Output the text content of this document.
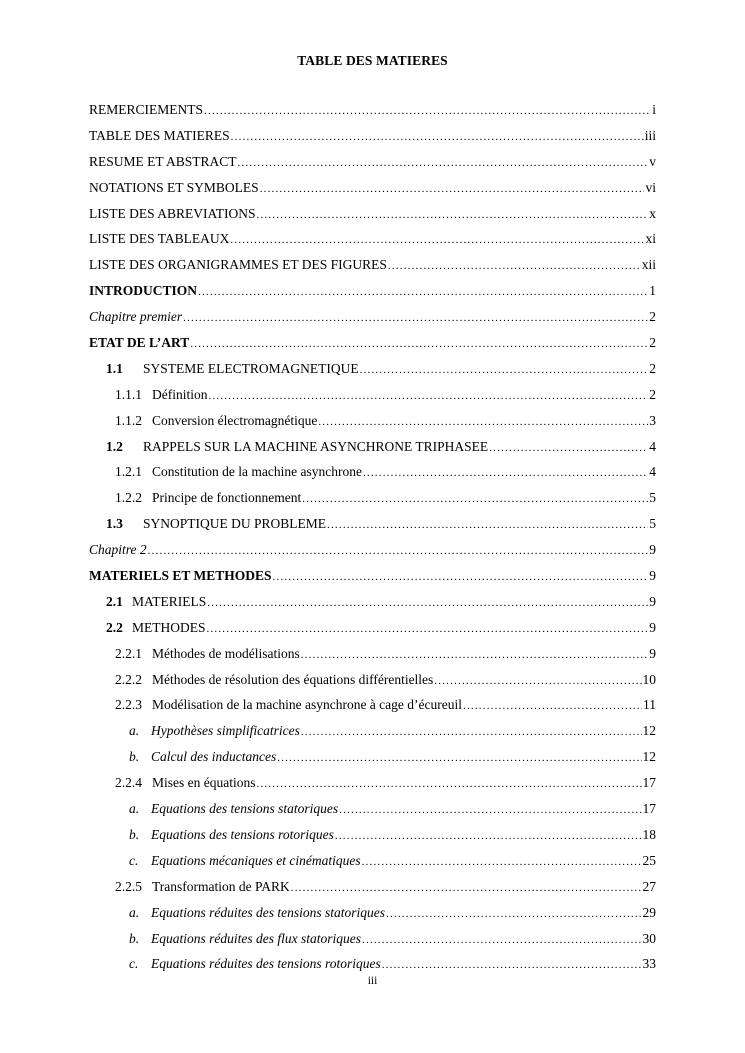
TABLE DES MATIERES
REMERCIEMENTS .....	i
TABLE DES MATIERES .....	iii
RESUME ET ABSTRACT .....	v
NOTATIONS ET SYMBOLES .....	vi
LISTE DES ABREVIATIONS .....	x
LISTE DES TABLEAUX .....	xi
LISTE DES ORGANIGRAMMES ET DES FIGURES .....	xii
INTRODUCTION .....	1
Chapitre premier .....	2
ETAT DE L’ART .....	2
1.1 SYSTEME ELECTROMAGNETIQUE .....	2
1.1.1 Définition .....	2
1.1.2 Conversion électromagnétique .....	3
1.2 RAPPELS SUR LA MACHINE ASYNCHRONE TRIPHASEE .....	4
1.2.1 Constitution de la machine asynchrone .....	4
1.2.2 Principe de fonctionnement .....	5
1.3 SYNOPTIQUE DU PROBLEME .....	5
Chapitre 2 .....	9
MATERIELS ET METHODES .....	9
2.1 MATERIELS .....	9
2.2 METHODES .....	9
2.2.1 Méthodes de modélisations .....	9
2.2.2 Méthodes de résolution des équations différentielles .....	10
2.2.3 Modélisation de la machine asynchrone à cage d’écureuil .....	11
a. Hypothèses simplificatrices .....	12
b. Calcul des inductances .....	12
2.2.4 Mises en équations .....	17
a. Equations des tensions statoriques .....	17
b. Equations des tensions rotoriques .....	18
c. Equations mécaniques et cinématiques .....	25
2.2.5 Transformation de PARK .....	27
a. Equations réduites des tensions statoriques .....	29
b. Equations réduites des flux statoriques .....	30
c. Equations réduites des tensions rotoriques .....	33
iii
